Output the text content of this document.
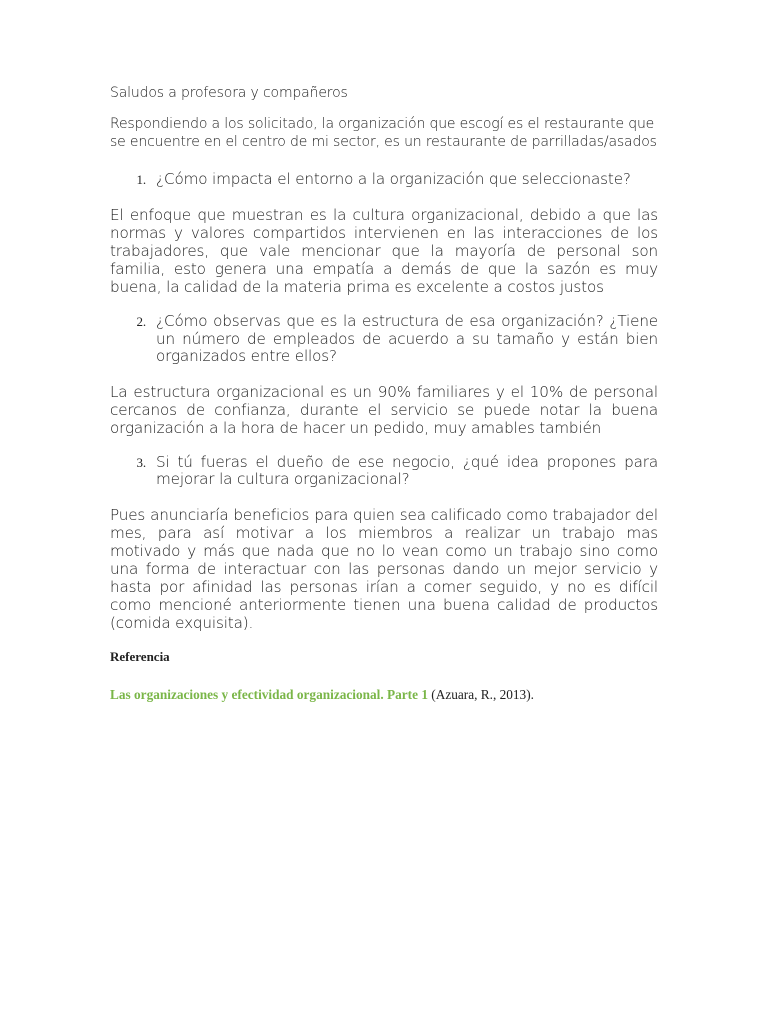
Saludos a profesora y compañeros

Respondiendo a los solicitado, la organización que escogí es el restaurante que se encuentre en el centro de mi sector, es un restaurante de parrilladas/asados

1. ¿Cómo impacta el entorno a la organización que seleccionaste?

El enfoque que muestran es la cultura organizacional, debido a que las normas y valores compartidos intervienen en las interacciones de los trabajadores, que vale mencionar que la mayoría de personal son familia, esto genera una empatía a demás de que la sazón es muy buena, la calidad de la materia prima es excelente a costos justos

2. ¿Cómo observas que es la estructura de esa organización? ¿Tiene un número de empleados de acuerdo a su tamaño y están bien organizados entre ellos?

La estructura organizacional es un 90% familiares y el 10% de personal cercanos de confianza, durante el servicio se puede notar la buena organización a la hora de hacer un pedido, muy amables también

3. Si tú fueras el dueño de ese negocio, ¿qué idea propones para mejorar la cultura organizacional?

Pues anunciaría beneficios para quien sea calificado como trabajador del mes, para así motivar a los miembros a realizar un trabajo mas motivado y más que nada que no lo vean como un trabajo sino como una forma de interactuar con las personas dando un mejor servicio y hasta por afinidad las personas irían a comer seguido, y no es difícil como mencioné anteriormente tienen una buena calidad de productos (comida exquisita).

Referencia

Las organizaciones y efectividad organizacional. Parte 1 (Azuara, R., 2013).
